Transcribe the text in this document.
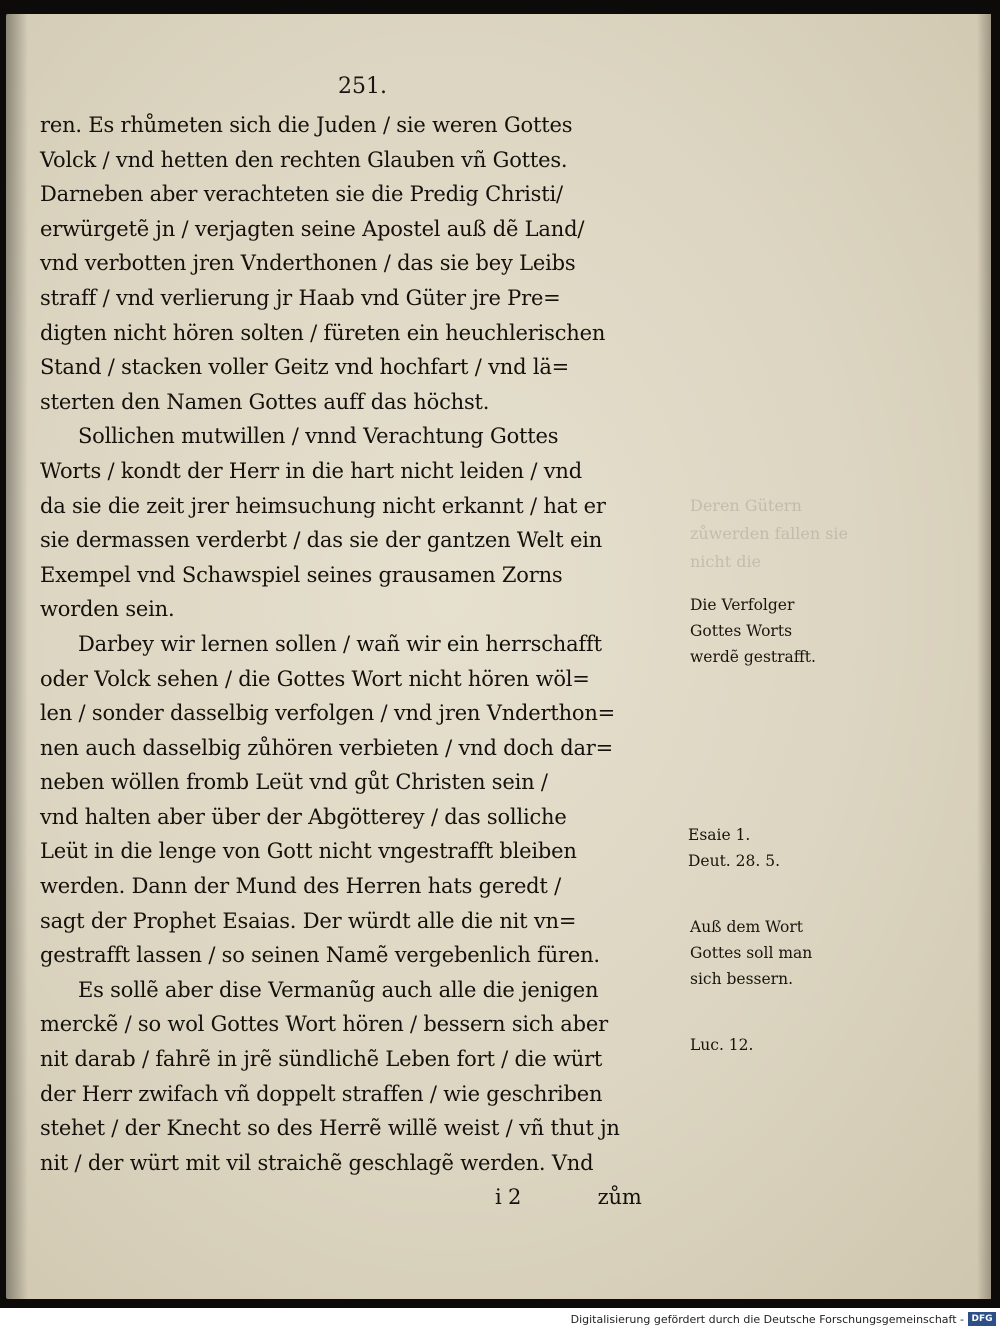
251.
Deren Gütern
zůwerden fallen sie nicht die
ren. Es rhůmeten sich die Juden / sie weren Gottes
Volck / vnd hetten den rechten Glauben vñ Gottes.
Darneben aber verachteten sie die Predig Christi/
erwürgetẽ jn / verjagten seine Apostel auß dẽ Land/
vnd verbotten jren Vnderthonen / das sie bey Leibs
straff / vnd verlierung jr Haab vnd Güter jre Pre=
digten nicht hören solten / füreten ein heuchlerischen
Stand / stacken voller Geitz vnd hochfart / vnd lä=
sterten den Namen Gottes auff das höchst.
Sollichen mutwillen / vnnd Verachtung Gottes
Worts / kondt der Herr in die hart nicht leiden / vnd
da sie die zeit jrer heimsuchung nicht erkannt / hat er
sie dermassen verderbt / das sie der gantzen Welt ein
Exempel vnd Schawspiel seines grausamen Zorns
worden sein.
Darbey wir lernen sollen / wañ wir ein herrschafft
oder Volck sehen / die Gottes Wort nicht hören wöl=
len / sonder dasselbig verfolgen / vnd jren Vnderthon=
nen auch dasselbig zůhören verbieten / vnd doch dar=
neben wöllen fromb Leüt vnd gůt Christen sein /
vnd halten aber über der Abgötterey / das solliche
Leüt in die lenge von Gott nicht vngestrafft bleiben
werden. Dann der Mund des Herren hats geredt /
sagt der Prophet Esaias. Der würdt alle die nit vn=
gestrafft lassen / so seinen Namẽ vergebenlich füren.
Es sollẽ aber dise Vermanũg auch alle die jenigen
merckẽ / so wol Gottes Wort hören / bessern sich aber
nit darab / fahrẽ in jrẽ sündlichẽ Leben fort / die würt
der Herr zwifach vñ doppelt straffen / wie geschriben
stehet / der Knecht so des Herrẽ willẽ weist / vñ thut jn
nit / der würt mit vil straichẽ geschlagẽ werden. Vnd
i 2	zům
Die Verfolger
Gottes Worts
werdẽ gestrafft.
Esaie 1.
Deut. 28. 5.
Auß dem Wort
Gottes soll man
sich bessern.
Luc. 12.
Digitalisierung gefördert durch die Deutsche Forschungsgemeinschaft - DFG
